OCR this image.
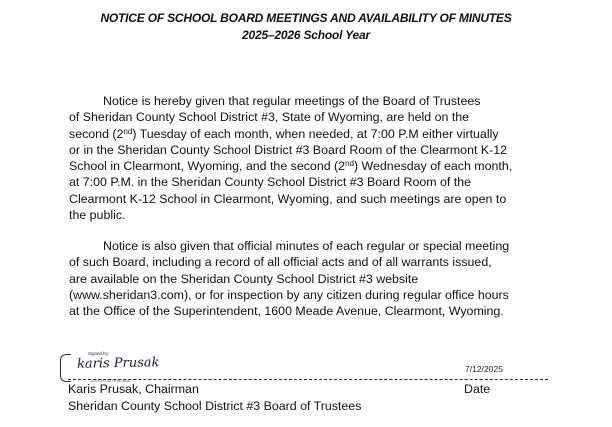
NOTICE OF SCHOOL BOARD MEETINGS AND AVAILABILITY OF MINUTES
2025–2026 School Year
Notice is hereby given that regular meetings of the Board of Trustees
of Sheridan County School District #3, State of Wyoming, are held on the
second (2nd) Tuesday of each month, when needed, at 7:00 P.M either virtually
or in the Sheridan County School District #3 Board Room of the Clearmont K-12
School in Clearmont, Wyoming, and the second (2nd) Wednesday of each month,
at 7:00 P.M. in the Sheridan County School District #3 Board Room of the
Clearmont K-12 School in Clearmont, Wyoming, and such meetings are open to
the public.
Notice is also given that official minutes of each regular or special meeting
of such Board, including a record of all official acts and of all warrants issued,
are available on the Sheridan County School District #3 website
(www.sheridan3.com), or for inspection by any citizen during regular office hours
at the Office of the Superintendent, 1600 Meade Avenue, Clearmont, Wyoming.
Signed by:
karis Prusak
1A9F2C4B7E8D46A
7/12/2025
Karis Prusak, Chairman	Date
Sheridan County School District #3 Board of Trustees
